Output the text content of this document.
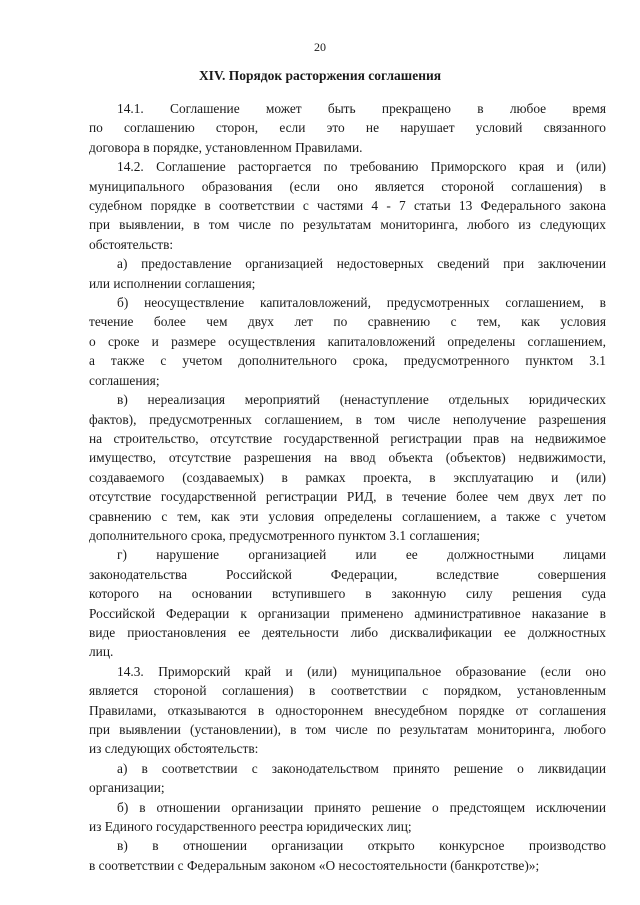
20
XIV. Порядок расторжения соглашения
14.1. Соглашение может быть прекращено в любое время
по соглашению сторон, если это не нарушает условий связанного
договора в порядке, установленном Правилами.
14.2. Соглашение расторгается по требованию Приморского края и (или)
муниципального образования (если оно является стороной соглашения) в
судебном порядке в соответствии с частями 4 - 7 статьи 13 Федерального закона
при выявлении, в том числе по результатам мониторинга, любого из следующих
обстоятельств:
а) предоставление организацией недостоверных сведений при заключении
или исполнении соглашения;
б) неосуществление капиталовложений, предусмотренных соглашением, в
течение более чем двух лет по сравнению с тем, как условия
о сроке и размере осуществления капиталовложений определены соглашением,
а также с учетом дополнительного срока, предусмотренного пунктом 3.1
соглашения;
в) нереализация мероприятий (ненаступление отдельных юридических
фактов), предусмотренных соглашением, в том числе неполучение разрешения
на строительство, отсутствие государственной регистрации прав на недвижимое
имущество, отсутствие разрешения на ввод объекта (объектов) недвижимости,
создаваемого (создаваемых) в рамках проекта, в эксплуатацию и (или)
отсутствие государственной регистрации РИД, в течение более чем двух лет по
сравнению с тем, как эти условия определены соглашением, а также с учетом
дополнительного срока, предусмотренного пунктом 3.1 соглашения;
г) нарушение организацией или ее должностными лицами
законодательства Российской Федерации, вследствие совершения
которого на основании вступившего в законную силу решения суда
Российской Федерации к организации применено административное наказание в
виде приостановления ее деятельности либо дисквалификации ее должностных
лиц.
14.3. Приморский край и (или) муниципальное образование (если оно
является стороной соглашения) в соответствии с порядком, установленным
Правилами, отказываются в одностороннем внесудебном порядке от соглашения
при выявлении (установлении), в том числе по результатам мониторинга, любого
из следующих обстоятельств:
а) в соответствии с законодательством принято решение о ликвидации
организации;
б) в отношении организации принято решение о предстоящем исключении
из Единого государственного реестра юридических лиц;
в) в отношении организации открыто конкурсное производство
в соответствии с Федеральным законом «О несостоятельности (банкротстве)»;
